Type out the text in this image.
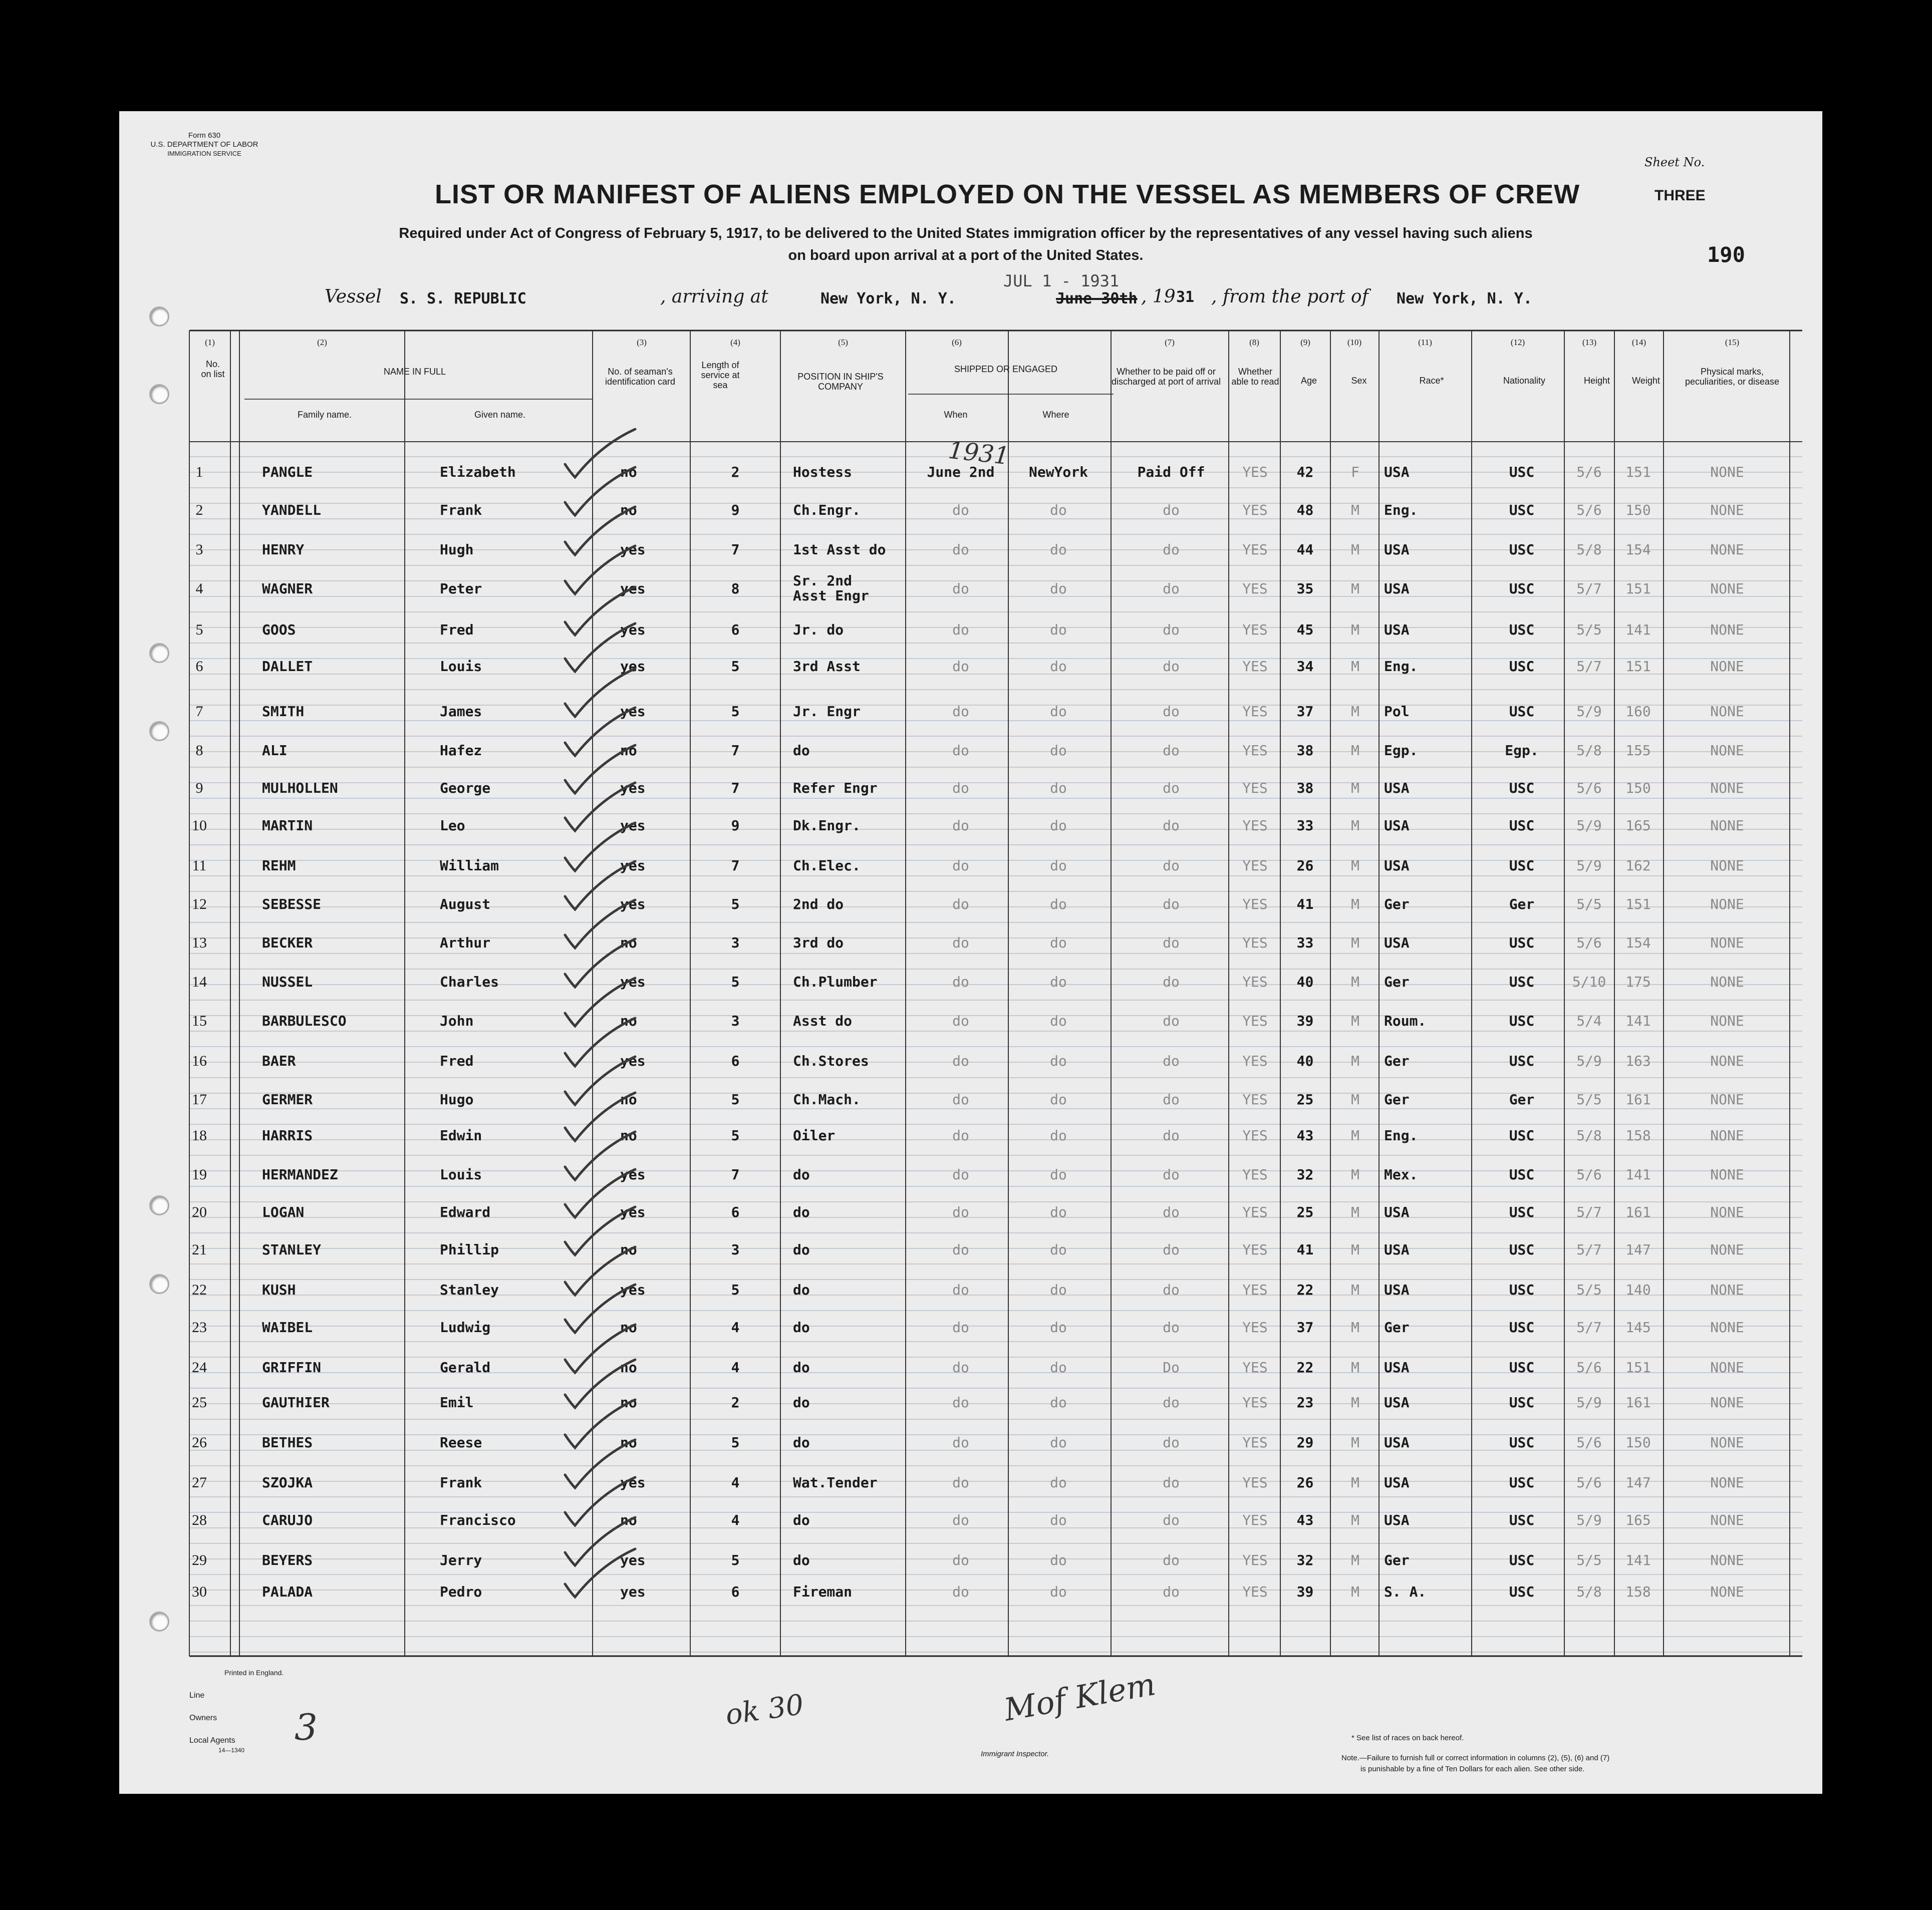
Form 630
U.S. DEPARTMENT OF LABOR
IMMIGRATION SERVICE
LIST OR MANIFEST OF ALIENS EMPLOYED ON THE VESSEL AS MEMBERS OF CREW
Sheet No.
THREE
190
Required under Act of Congress of February 5, 1917, to be delivered to the United States immigration officer by the representatives of any vessel having such aliens
on board upon arrival at a port of the United States.
Vessel S. S. REPUBLIC	, arriving at	New York, N. Y.
JUL 1 - 1931
June 30th , 19 31 , from the port of New York, N. Y.
(1)	(2)	(3)	(4)	(5)	(6)	(7)	(8)	(9)	(10)	(11)	(12)	(13)	(14)	(15)
No. on list	NAME IN FULL
Family name.	Given name.
No. of seaman's identification card
Length of service at sea
POSITION IN SHIP'S COMPANY
SHIPPED OR ENGAGED
When	Where
Whether to be paid off or discharged at port of arrival
Whether able to read	Age	Sex	Race*	Nationality	Height	Weight
Physical marks, peculiarities, or disease
1931
1	PANGLE	Elizabeth	no	2	Hostess	June 2nd	NewYork	Paid Off	YES	42	F	USA	USC	5/6	151	NONE
2	YANDELL	Frank	no	9	Ch.Engr.	do	do	do	YES	48	M	Eng.	USC	5/6	150	NONE
3	HENRY	Hugh	yes	7	1st Asst do	do	do	do	YES	44	M	USA	USC	5/8	154	NONE
4	WAGNER	Peter	yes	8	Sr. 2nd	do	do	do	YES	35	M	USA	USC	5/7	151	NONE
Asst Engr
5	GOOS	Fred	yes	6	Jr. do	do	do	do	YES	45	M	USA	USC	5/5	141	NONE
6	DALLET	Louis	yes	5	3rd Asst	do	do	do	YES	34	M	Eng.	USC	5/7	151	NONE
7	SMITH	James	yes	5	Jr. Engr	do	do	do	YES	37	M	Pol	USC	5/9	160	NONE
8	ALI	Hafez	no	7	do	do	do	do	YES	38	M	Egp.	Egp.	5/8	155	NONE
9	MULHOLLEN	George	yes	7	Refer Engr	do	do	do	YES	38	M	USA	USC	5/6	150	NONE
10	MARTIN	Leo	yes	9	Dk.Engr.	do	do	do	YES	33	M	USA	USC	5/9	165	NONE
11	REHM	William	yes	7	Ch.Elec.	do	do	do	YES	26	M	USA	USC	5/9	162	NONE
12	SEBESSE	August	yes	5	2nd do	do	do	do	YES	41	M	Ger	Ger	5/5	151	NONE
13	BECKER	Arthur	no	3	3rd do	do	do	do	YES	33	M	USA	USC	5/6	154	NONE
14	NUSSEL	Charles	yes	5	Ch.Plumber	do	do	do	YES	40	M	Ger	USC	5/10	175	NONE
15	BARBULESCO	John	no	3	Asst do	do	do	do	YES	39	M	Roum.	USC	5/4	141	NONE
16	BAER	Fred	yes	6	Ch.Stores	do	do	do	YES	40	M	Ger	USC	5/9	163	NONE
17	GERMER	Hugo	no	5	Ch.Mach.	do	do	do	YES	25	M	Ger	Ger	5/5	161	NONE
18	HARRIS	Edwin	no	5	Oiler	do	do	do	YES	43	M	Eng.	USC	5/8	158	NONE
19	HERMANDEZ	Louis	yes	7	do	do	do	do	YES	32	M	Mex.	USC	5/6	141	NONE
20	LOGAN	Edward	yes	6	do	do	do	do	YES	25	M	USA	USC	5/7	161	NONE
21	STANLEY	Phillip	no	3	do	do	do	do	YES	41	M	USA	USC	5/7	147	NONE
22	KUSH	Stanley	yes	5	do	do	do	do	YES	22	M	USA	USC	5/5	140	NONE
23	WAIBEL	Ludwig	no	4	do	do	do	do	YES	37	M	Ger	USC	5/7	145	NONE
24	GRIFFIN	Gerald	no	4	do	do	do	Do	YES	22	M	USA	USC	5/6	151	NONE
25	GAUTHIER	Emil	no	2	do	do	do	do	YES	23	M	USA	USC	5/9	161	NONE
26	BETHES	Reese	no	5	do	do	do	do	YES	29	M	USA	USC	5/6	150	NONE
27	SZOJKA	Frank	yes	4	Wat.Tender	do	do	do	YES	26	M	USA	USC	5/6	147	NONE
28	CARUJO	Francisco	no	4	do	do	do	do	YES	43	M	USA	USC	5/9	165	NONE
29	BEYERS	Jerry	yes	5	do	do	do	do	YES	32	M	Ger	USC	5/5	141	NONE
30	PALADA	Pedro	yes	6	Fireman	do	do	do	YES	39	M	S. A.	USC	5/8	158	NONE
Printed in England.
Line
Owners
Local Agents
14—1340
3	ok 30	Mof Klem
Immigrant Inspector.
* See list of races on back hereof.
Note.—Failure to furnish full or correct information in columns (2), (5), (6) and (7)
is punishable by a fine of Ten Dollars for each alien. See other side.
